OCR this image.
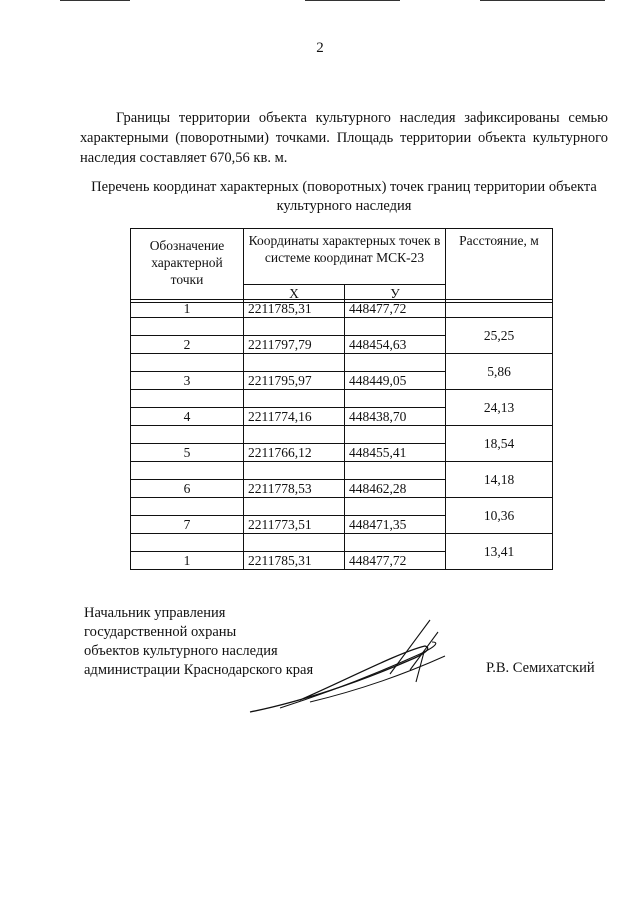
2

Границы территории объекта культурного наследия зафиксированы семью характерными (поворотными) точками. Площадь территории объекта культурного наследия составляет 670,56 кв. м.

Перечень координат характерных (поворотных) точек границ территории объекта культурного наследия
Обозначение характерной точки	Координаты характерных точек в системе координат МСК-23		Расстояние, м
	X	У	
1	2211785,31	448477,72	
			25,25
2	2211797,79	448454,63	
			5,86
3	2211795,97	448449,05	
			24,13
4	2211774,16	448438,70	
			18,54
5	2211766,12	448455,41	
			14,18
6	2211778,53	448462,28	
			10,36
7	2211773,51	448471,35	
			13,41
1	2211785,31	448477,72	
Начальник управления
государственной охраны
объектов культурного наследия
администрации Краснодарского края	Р.В. Семихатский
